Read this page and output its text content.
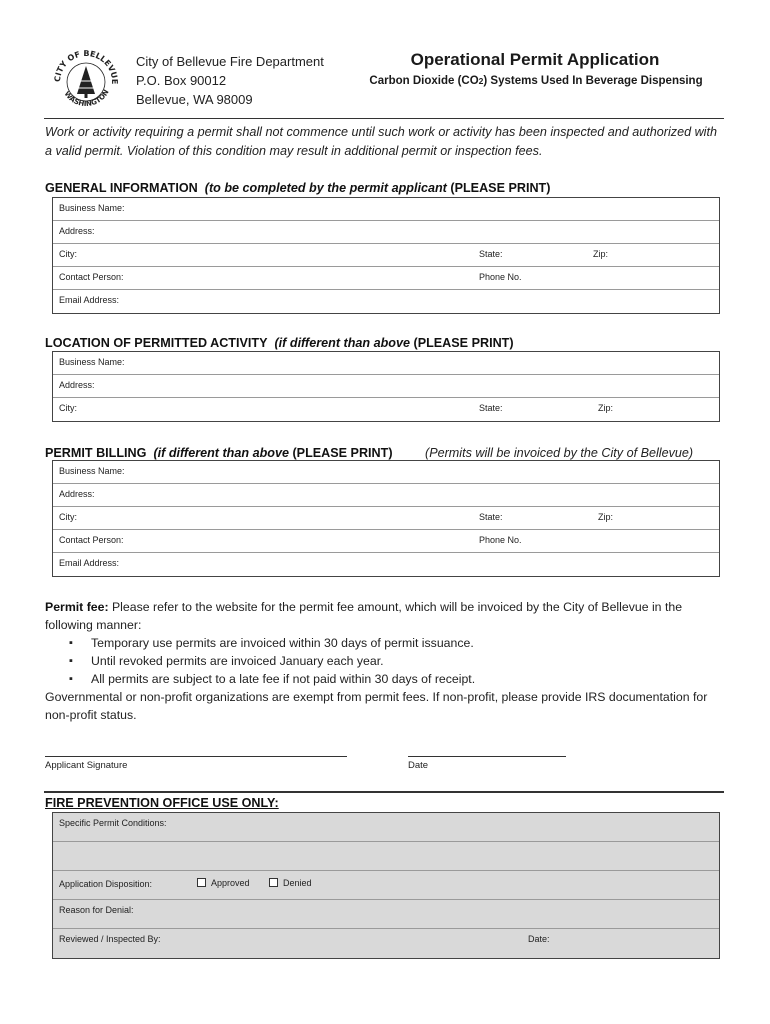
CITY OF BELLEVUE
WASHINGTON
City of Bellevue Fire Department
P.O. Box 90012
Bellevue, WA 98009
Operational Permit Application
Carbon Dioxide (CO2) Systems Used In Beverage Dispensing
Work or activity requiring a permit shall not commence until such work or activity has been inspected and authorized with a valid permit. Violation of this condition may result in additional permit or inspection fees.
GENERAL INFORMATION (to be completed by the permit applicant (PLEASE PRINT)
Business Name:
Address:
City:	State:	Zip:
Contact Person:	Phone No.
Email Address:
LOCATION OF PERMITTED ACTIVITY (if different than above (PLEASE PRINT)
Business Name:
Address:
City:	State:	Zip:
PERMIT BILLING (if different than above (PLEASE PRINT)	(Permits will be invoiced by the City of Bellevue)
Business Name:
Address:
City:	State:	Zip:
Contact Person:	Phone No.
Email Address:
Permit fee: Please refer to the website for the permit fee amount, which will be invoiced by the City of Bellevue in the following manner:
▪ Temporary use permits are invoiced within 30 days of permit issuance.
▪ Until revoked permits are invoiced January each year.
▪ All permits are subject to a late fee if not paid within 30 days of receipt.
Governmental or non-profit organizations are exempt from permit fees. If non-profit, please provide IRS documentation for non-profit status.
Applicant Signature	Date
FIRE PREVENTION OFFICE USE ONLY:
Specific Permit Conditions:
Application Disposition:	Approved	Denied
Reason for Denial:
Reviewed / Inspected By:	Date:
